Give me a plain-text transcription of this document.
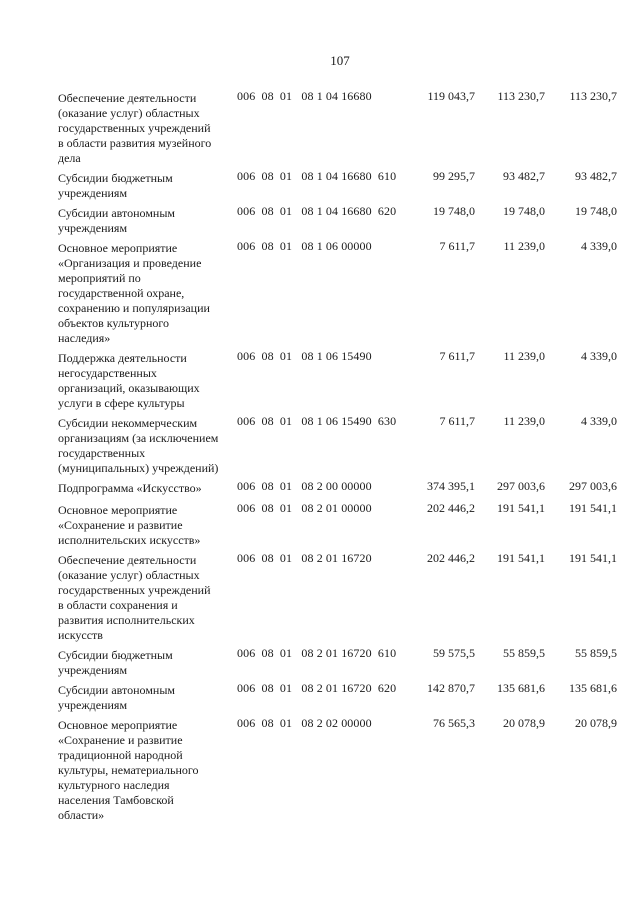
107
Обеспечение деятельности
(оказание услуг) областных
государственных учреждений
в области развития музейного
дела
006  08  01   08 1 04 16680	119 043,7	113 230,7	113 230,7
Субсидии бюджетным
учреждениям
006  08  01   08 1 04 16680  610	99 295,7	93 482,7	93 482,7
Субсидии автономным
учреждениям
006  08  01   08 1 04 16680  620	19 748,0	19 748,0	19 748,0
Основное мероприятие
«Организация и проведение
мероприятий по
государственной охране,
сохранению и популяризации
объектов культурного
наследия»
006  08  01   08 1 06 00000	7 611,7	11 239,0	4 339,0
Поддержка деятельности
негосударственных
организаций, оказывающих
услуги в сфере культуры
006  08  01   08 1 06 15490	7 611,7	11 239,0	4 339,0
Субсидии некоммерческим
организациям (за исключением
государственных
(муниципальных) учреждений)
006  08  01   08 1 06 15490  630	7 611,7	11 239,0	4 339,0
Подпрограмма «Искусство»	006  08  01   08 2 00 00000	374 395,1	297 003,6	297 003,6
Основное мероприятие
«Сохранение и развитие
исполнительских искусств»
006  08  01   08 2 01 00000	202 446,2	191 541,1	191 541,1
Обеспечение деятельности
(оказание услуг) областных
государственных учреждений
в области сохранения и
развития исполнительских
искусств
006  08  01   08 2 01 16720	202 446,2	191 541,1	191 541,1
Субсидии бюджетным
учреждениям
006  08  01   08 2 01 16720  610	59 575,5	55 859,5	55 859,5
Субсидии автономным
учреждениям
006  08  01   08 2 01 16720  620	142 870,7	135 681,6	135 681,6
Основное мероприятие
«Сохранение и развитие
традиционной народной
культуры, нематериального
культурного наследия
населения Тамбовской
области»
006  08  01   08 2 02 00000	76 565,3	20 078,9	20 078,9
